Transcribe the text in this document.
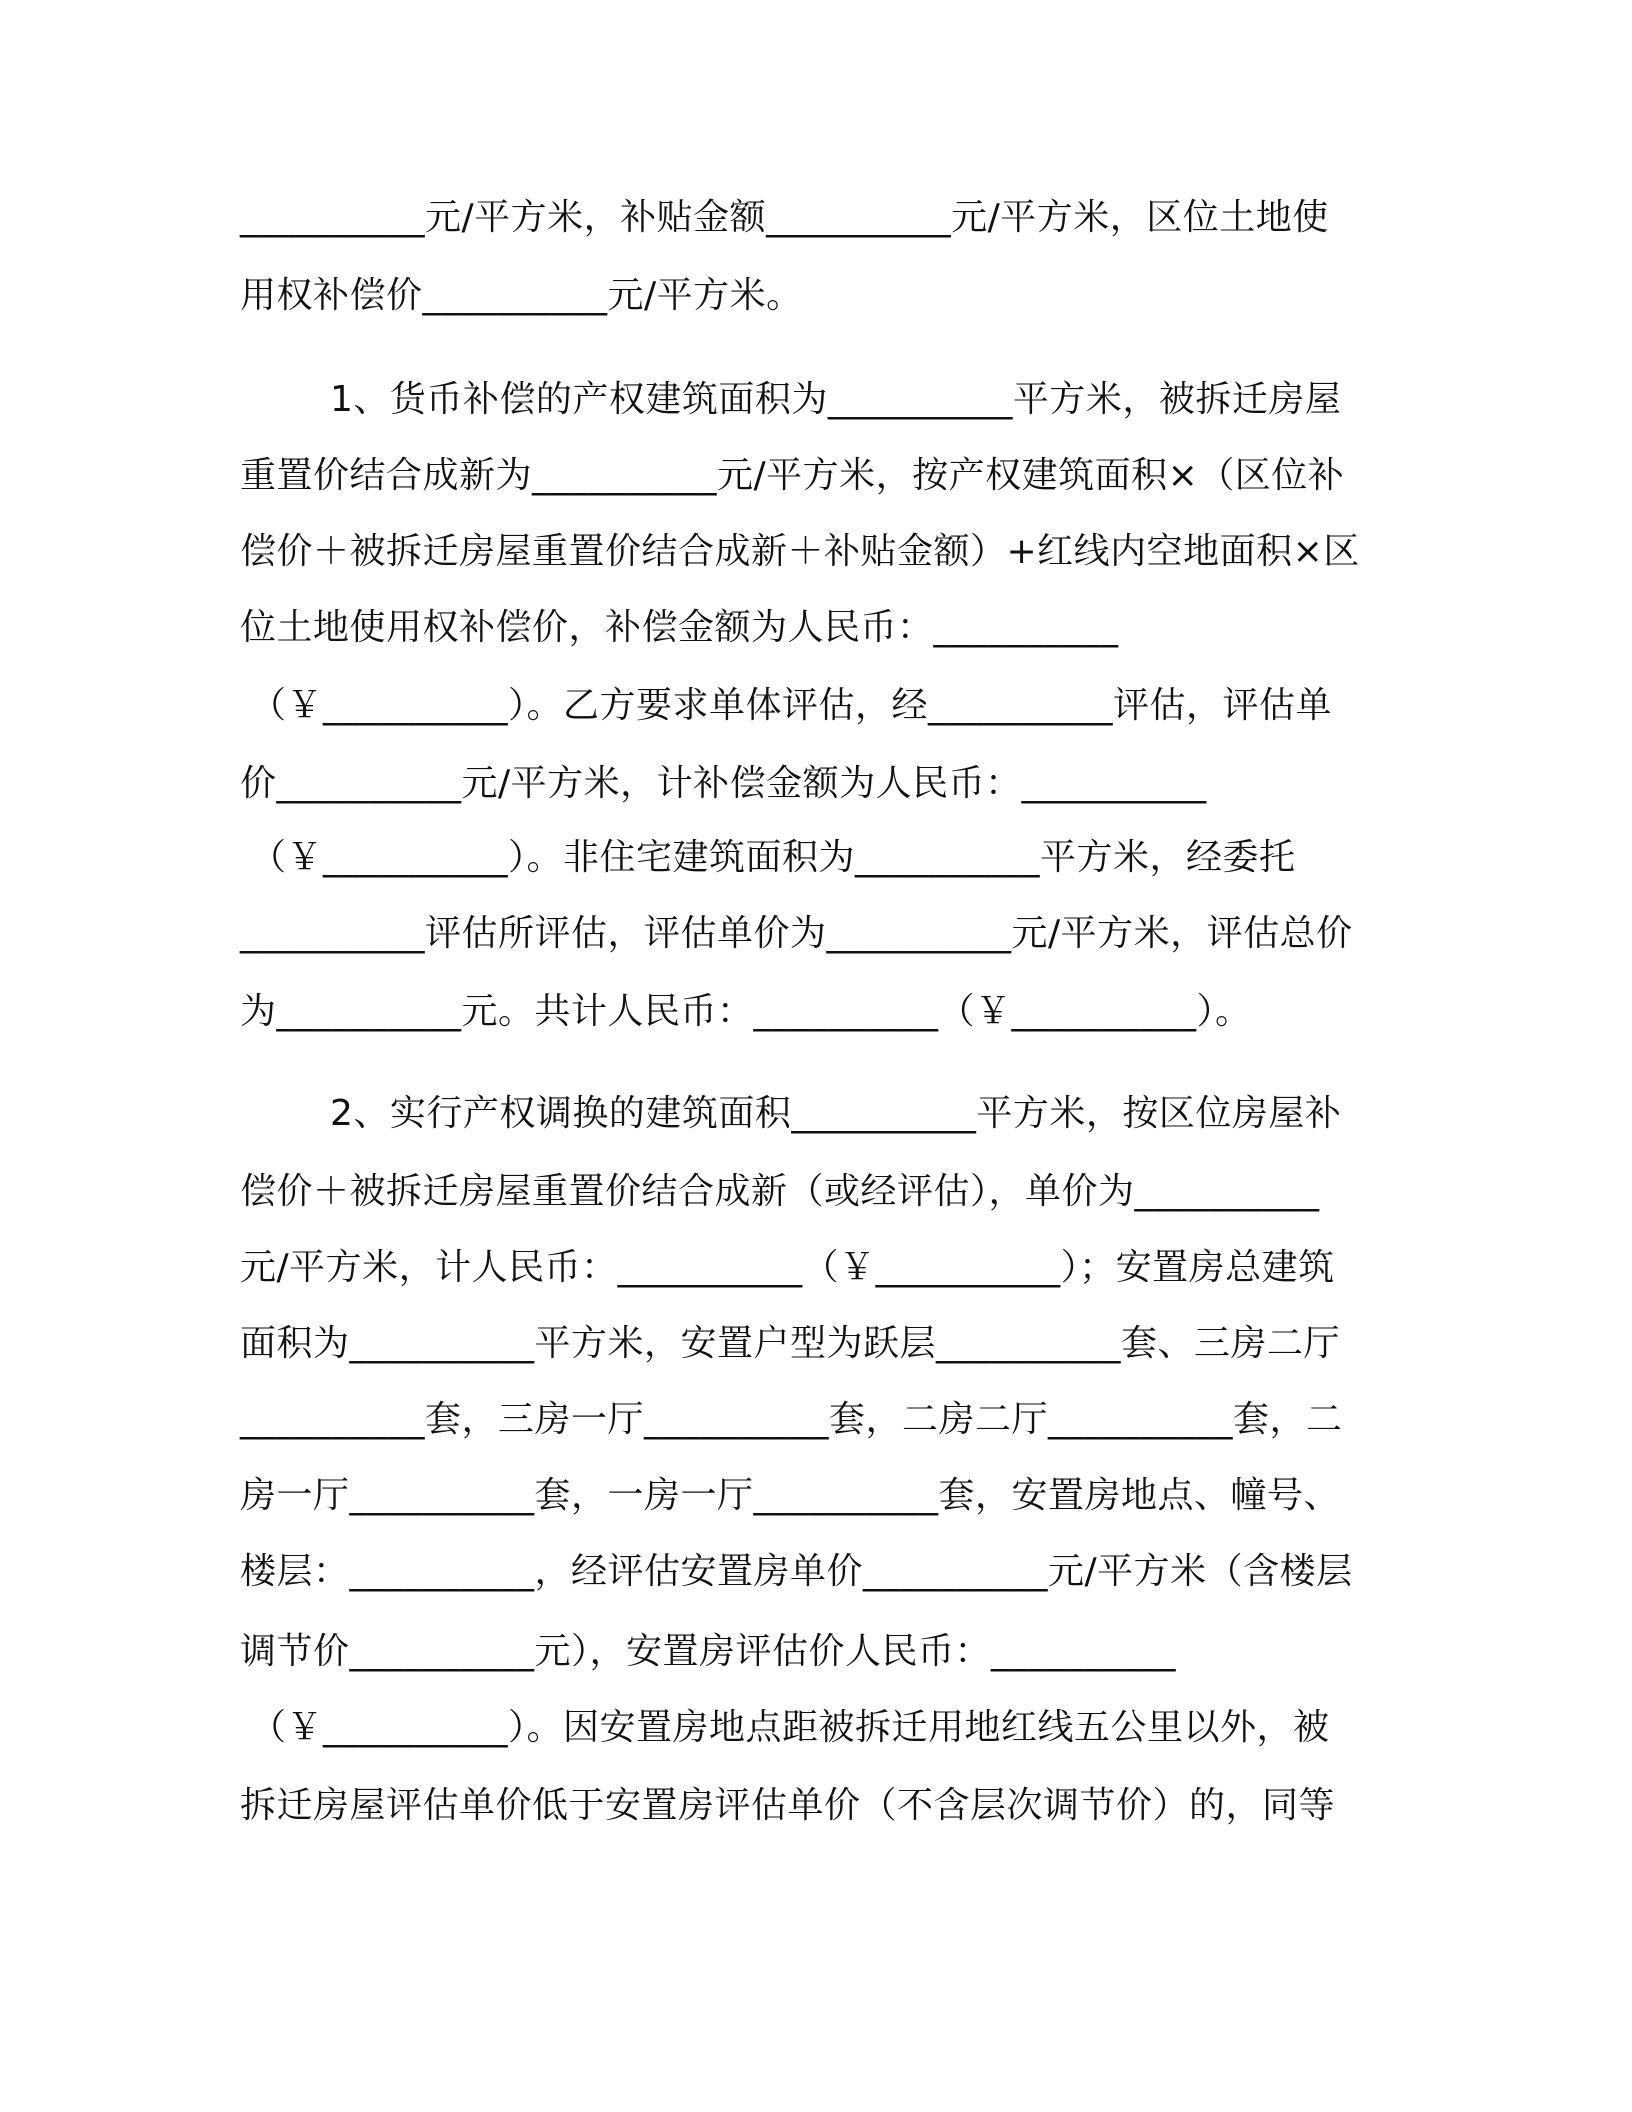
__________元/平方米，补贴金额__________元/平方米，区位土地使
用权补偿价__________元/平方米。
1、货币补偿的产权建筑面积为__________平方米，被拆迁房屋
重置价结合成新为__________元/平方米，按产权建筑面积×（区位补
偿价＋被拆迁房屋重置价结合成新＋补贴金额）+红线内空地面积×区
位土地使用权补偿价，补偿金额为人民币：__________
（￥__________）。乙方要求单体评估，经__________评估，评估单
价__________元/平方米，计补偿金额为人民币：__________
（￥__________）。非住宅建筑面积为__________平方米，经委托
__________评估所评估，评估单价为__________元/平方米，评估总价
为__________元。共计人民币：__________（￥__________）。
2、实行产权调换的建筑面积__________平方米，按区位房屋补
偿价＋被拆迁房屋重置价结合成新（或经评估），单价为__________
元/平方米，计人民币：__________（￥__________）；安置房总建筑
面积为__________平方米，安置户型为跃层__________套、三房二厅
__________套，三房一厅__________套，二房二厅__________套，二
房一厅__________套，一房一厅__________套，安置房地点、幢号、
楼层：__________，经评估安置房单价__________元/平方米（含楼层
调节价__________元），安置房评估价人民币：__________
（￥__________）。因安置房地点距被拆迁用地红线五公里以外，被
拆迁房屋评估单价低于安置房评估单价（不含层次调节价）的，同等
